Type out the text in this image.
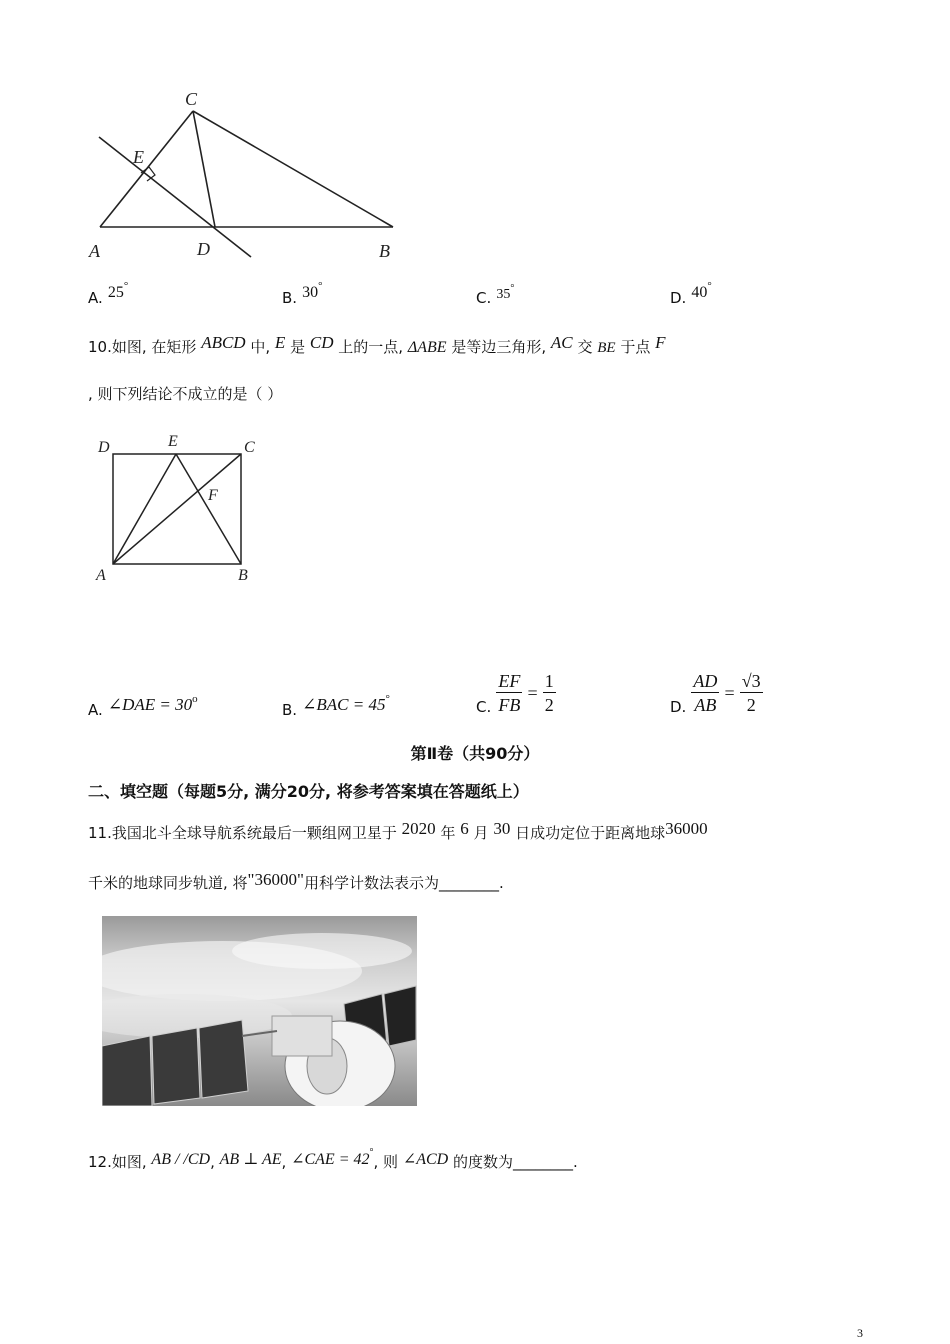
C
E
A	D	B
A. 25°
B. 30°
C. 35°
D. 40°
10.如图, 在矩形 ABCD 中, E 是 CD 上的一点, ΔABE 是等边三角形, AC 交 BE 于点 F
, 则下列结论不成立的是（ ）
D	E	C
F
A	B
A. ∠DAE = $30^o$
B. ∠BAC = 45°	C. $\frac{EF}{FB} = \frac{1}{2}$	D. $\frac{AD}{AB} = \frac{√3}{2}$
第Ⅱ卷（共90分）
二、填空题（每题5分, 满分20分, 将参考答案填在答题纸上）
11.我国北斗全球导航系统最后一颗组网卫星于 2020 年 6 月 30 日成功定位于距离地球36000
千米的地球同步轨道, 将"36000"用科学计数法表示为________.
12.如图, AB / /CD, AB ⊥ AE, ∠CAE = 42°, 则 ∠ACD 的度数为________.
3
